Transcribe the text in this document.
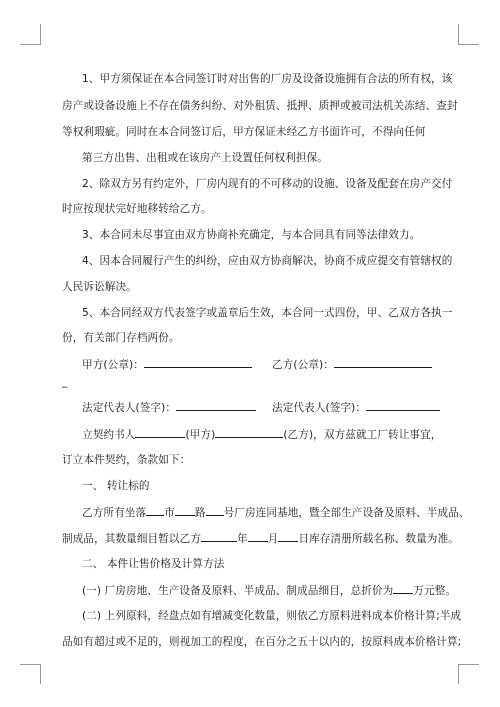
1、甲方须保证在本合同签订时对出售的厂房及设备设施拥有合法的所有权，该
房产或设备设施上不存在债务纠纷、对外租赁、抵押、质押或被司法机关冻结、查封
等权利瑕疵。同时在本合同签订后，甲方保证未经乙方书面许可，不得向任何
第三方出售、出租或在该房产上设置任何权利担保。
2、除双方另有约定外，厂房内现有的不可移动的设施、设备及配套在房产交付
时应按现状完好地移转给乙方。
3、本合同未尽事宜由双方协商补充确定，与本合同具有同等法律效力。
4、因本合同履行产生的纠纷，应由双方协商解决，协商不成应提交有管辖权的
人民诉讼解决。
5、本合同经双方代表签字或盖章后生效，本合同一式四份，甲、乙双方各执一
份，有关部门存档两份。
甲方(公章)：	乙方(公章)：
_
法定代表人(签字)：	法定代表人(签字)：
立契约书人	(甲方)	(乙方)，双方兹就工厂转让事宜，
订立本件契约，条款如下：
一、 转让标的
乙方所有坐落 市 路 号厂房连同基地，暨全部生产设备及原料、半成品、
制成品，其数量细目暂以乙方	年 月 日库存清册所载名称、数量为准。
二、 本件让售价格及计算方法
(一) 厂房房地、生产设备及原料、半成品、制成品细目，总折价为 万元整。
(二) 上列原料，经盘点如有增减变化数量，则依乙方原料进料成本价格计算;半成
品如有超过或不足的，则视加工的程度，在百分之五十以内的，按原料成本价格计算;
